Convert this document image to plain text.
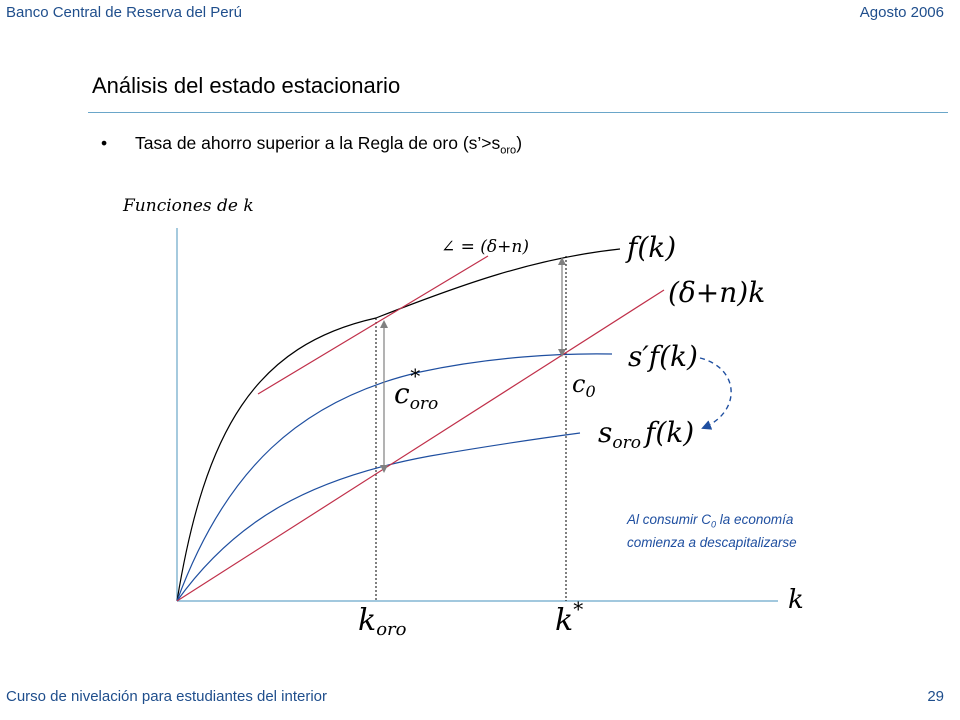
Banco Central de Reserva del Perú	Agosto 2006
Análisis del estado estacionario
• Tasa de ahorro superior a la Regla de oro $(s’>s_{oro})$
Funciones de k
k
∠ = (δ+n)	f(k)
(δ+n)k
s′f(k)
$s_{oro}$ f(k)
$c_{oro}*$	$c_0$
koro	k*
Al consumir $C_0$ la economía
comienza a descapitalizarse
Curso de nivelación para estudiantes del interior	29
